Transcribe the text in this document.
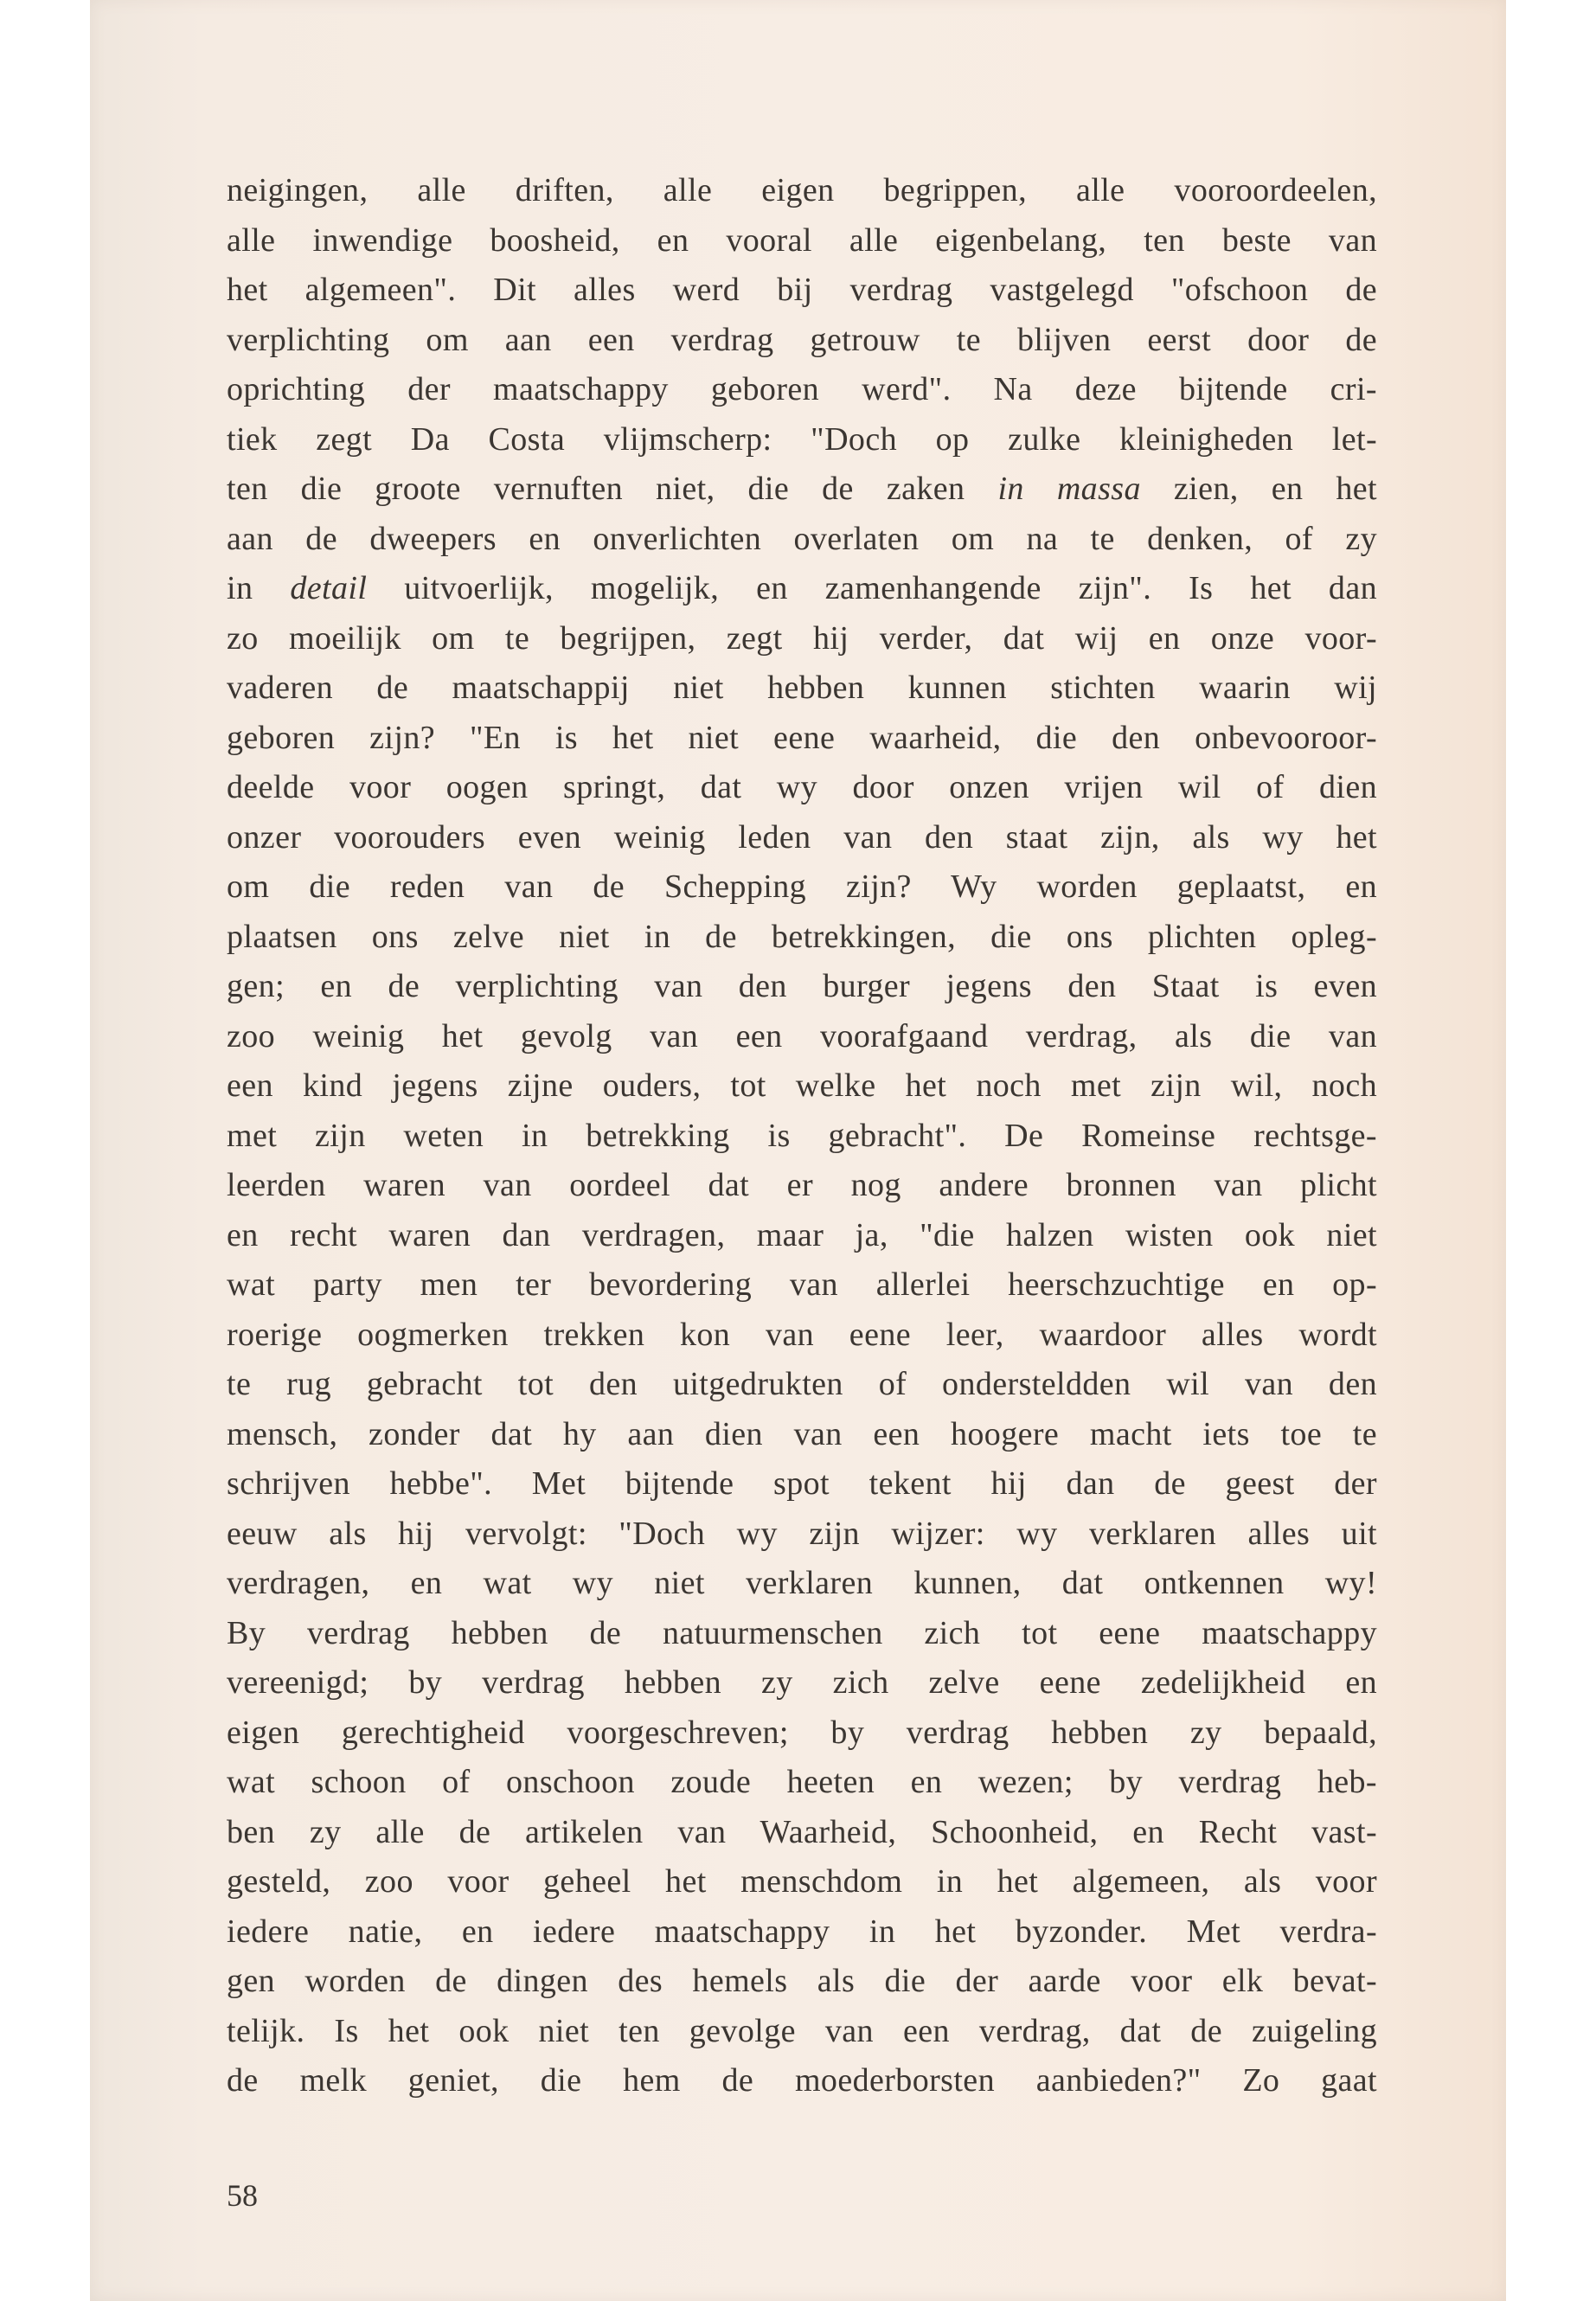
neigingen, alle driften, alle eigen begrippen, alle vooroordeelen,
alle inwendige boosheid, en vooral alle eigenbelang, ten beste van
het algemeen". Dit alles werd bij verdrag vastgelegd "ofschoon de
verplichting om aan een verdrag getrouw te blijven eerst door de
oprichting der maatschappy geboren werd". Na deze bijtende cri-
tiek zegt Da Costa vlijmscherp: "Doch op zulke kleinigheden let-
ten die groote vernuften niet, die de zaken in massa zien, en het
aan de dweepers en onverlichten overlaten om na te denken, of zy
in detail uitvoerlijk, mogelijk, en zamenhangende zijn". Is het dan
zo moeilijk om te begrijpen, zegt hij verder, dat wij en onze voor-
vaderen de maatschappij niet hebben kunnen stichten waarin wij
geboren zijn? "En is het niet eene waarheid, die den onbevooroor-
deelde voor oogen springt, dat wy door onzen vrijen wil of dien
onzer voorouders even weinig leden van den staat zijn, als wy het
om die reden van de Schepping zijn? Wy worden geplaatst, en
plaatsen ons zelve niet in de betrekkingen, die ons plichten opleg-
gen; en de verplichting van den burger jegens den Staat is even
zoo weinig het gevolg van een voorafgaand verdrag, als die van
een kind jegens zijne ouders, tot welke het noch met zijn wil, noch
met zijn weten in betrekking is gebracht". De Romeinse rechtsge-
leerden waren van oordeel dat er nog andere bronnen van plicht
en recht waren dan verdragen, maar ja, "die halzen wisten ook niet
wat party men ter bevordering van allerlei heerschzuchtige en op-
roerige oogmerken trekken kon van eene leer, waardoor alles wordt
te rug gebracht tot den uitgedrukten of ondersteldden wil van den
mensch, zonder dat hy aan dien van een hoogere macht iets toe te
schrijven hebbe". Met bijtende spot tekent hij dan de geest der
eeuw als hij vervolgt: "Doch wy zijn wijzer: wy verklaren alles uit
verdragen, en wat wy niet verklaren kunnen, dat ontkennen wy!
By verdrag hebben de natuurmenschen zich tot eene maatschappy
vereenigd; by verdrag hebben zy zich zelve eene zedelijkheid en
eigen gerechtigheid voorgeschreven; by verdrag hebben zy bepaald,
wat schoon of onschoon zoude heeten en wezen; by verdrag heb-
ben zy alle de artikelen van Waarheid, Schoonheid, en Recht vast-
gesteld, zoo voor geheel het menschdom in het algemeen, als voor
iedere natie, en iedere maatschappy in het byzonder. Met verdra-
gen worden de dingen des hemels als die der aarde voor elk bevat-
telijk. Is het ook niet ten gevolge van een verdrag, dat de zuigeling
de melk geniet, die hem de moederborsten aanbieden?" Zo gaat
58
